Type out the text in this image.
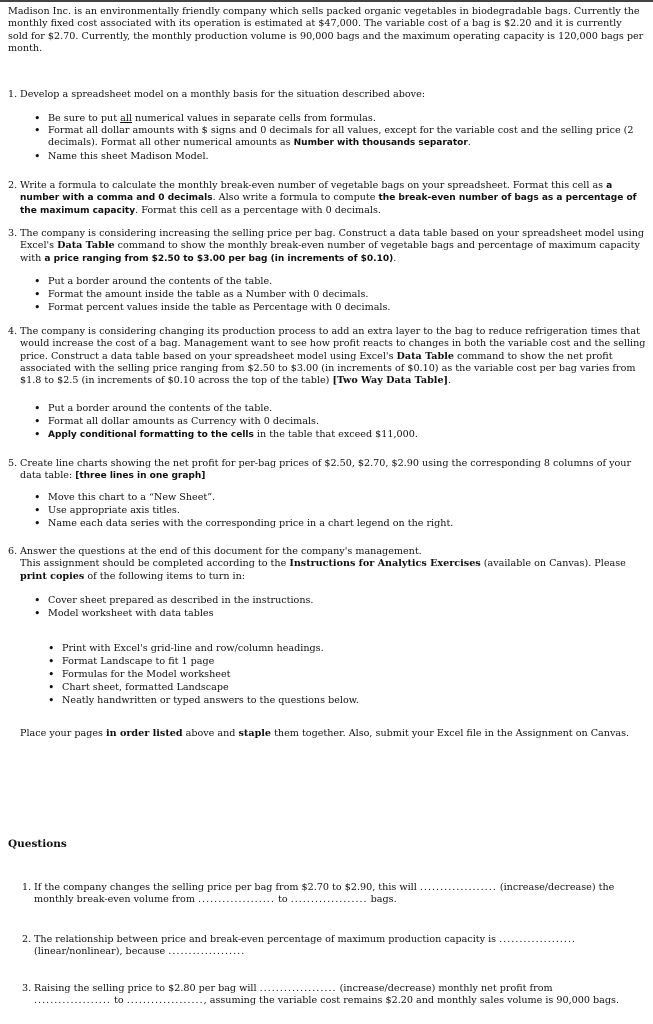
Madison Inc. is an environmentally friendly company which sells packed organic vegetables in biodegradable bags. Currently the monthly fixed cost associated with its operation is estimated at $47,000. The variable cost of a bag is $2.20 and it is currently sold for $2.70. Currently, the monthly production volume is 90,000 bags and the maximum operating capacity is 120,000 bags per month.
1. Develop a spreadsheet model on a monthly basis for the situation described above:
• Be sure to put all numerical values in separate cells from formulas.
• Format all dollar amounts with $ signs and 0 decimals for all values, except for the variable cost and the selling price (2 decimals). Format all other numerical amounts as Number with thousands separator.
• Name this sheet Madison Model.
2. Write a formula to calculate the monthly break-even number of vegetable bags on your spreadsheet. Format this cell as a number with a comma and 0 decimals. Also write a formula to compute the break-even number of bags as a percentage of the maximum capacity. Format this cell as a percentage with 0 decimals.
3. The company is considering increasing the selling price per bag. Construct a data table based on your spreadsheet model using Excel's Data Table command to show the monthly break-even number of vegetable bags and percentage of maximum capacity with a price ranging from $2.50 to $3.00 per bag (in increments of $0.10).
• Put a border around the contents of the table.
• Format the amount inside the table as a Number with 0 decimals.
• Format percent values inside the table as Percentage with 0 decimals.
4. The company is considering changing its production process to add an extra layer to the bag to reduce refrigeration times that would increase the cost of a bag. Management want to see how profit reacts to changes in both the variable cost and the selling price. Construct a data table based on your spreadsheet model using Excel's Data Table command to show the net profit associated with the selling price ranging from $2.50 to $3.00 (in increments of $0.10) as the variable cost per bag varies from $1.8 to $2.5 (in increments of $0.10 across the top of the table) [Two Way Data Table].
• Put a border around the contents of the table.
• Format all dollar amounts as Currency with 0 decimals.
• Apply conditional formatting to the cells in the table that exceed $11,000.
5. Create line charts showing the net profit for per-bag prices of $2.50, $2.70, $2.90 using the corresponding 8 columns of your data table: [three lines in one graph]
• Move this chart to a “New Sheet”.
• Use appropriate axis titles.
• Name each data series with the corresponding price in a chart legend on the right.
6. Answer the questions at the end of this document for the company's management.
This assignment should be completed according to the Instructions for Analytics Exercises (available on Canvas). Please print copies of the following items to turn in:
• Cover sheet prepared as described in the instructions.
• Model worksheet with data tables
• Print with Excel's grid-line and row/column headings.
• Format Landscape to fit 1 page
• Formulas for the Model worksheet
• Chart sheet, formatted Landscape
• Neatly handwritten or typed answers to the questions below.
Place your pages in order listed above and staple them together. Also, submit your Excel file in the Assignment on Canvas.
Questions
1. If the company changes the selling price per bag from $2.70 to $2.90, this will ................... (increase/decrease) the monthly break-even volume from ................... to ................... bags.
2. The relationship between price and break-even percentage of maximum production capacity is ...................(linear/nonlinear), because ...................
3. Raising the selling price to $2.80 per bag will ................... (increase/decrease) monthly net profit from ................... to ..................., assuming the variable cost remains $2.20 and monthly sales volume is 90,000 bags.
